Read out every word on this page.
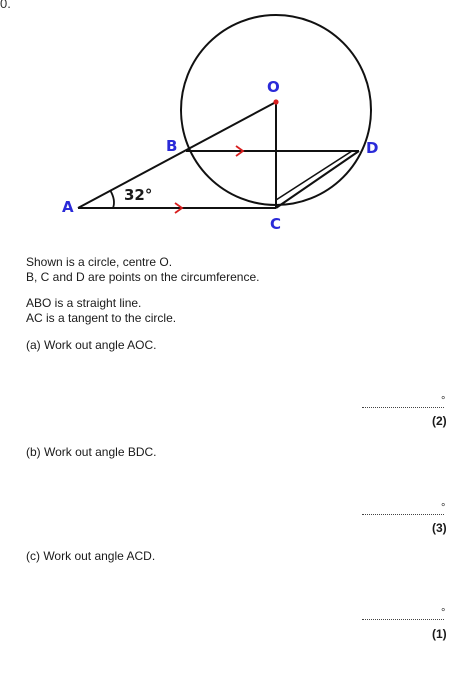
0.
O
B	D
A
C
32°
Shown is a circle, centre O.
B, C and D are points on the circumference.
ABO is a straight line.
AC is a tangent to the circle.
(a) Work out angle AOC.
°
(2)
(b) Work out angle BDC.
°
(3)
(c) Work out angle ACD.
°
(1)
